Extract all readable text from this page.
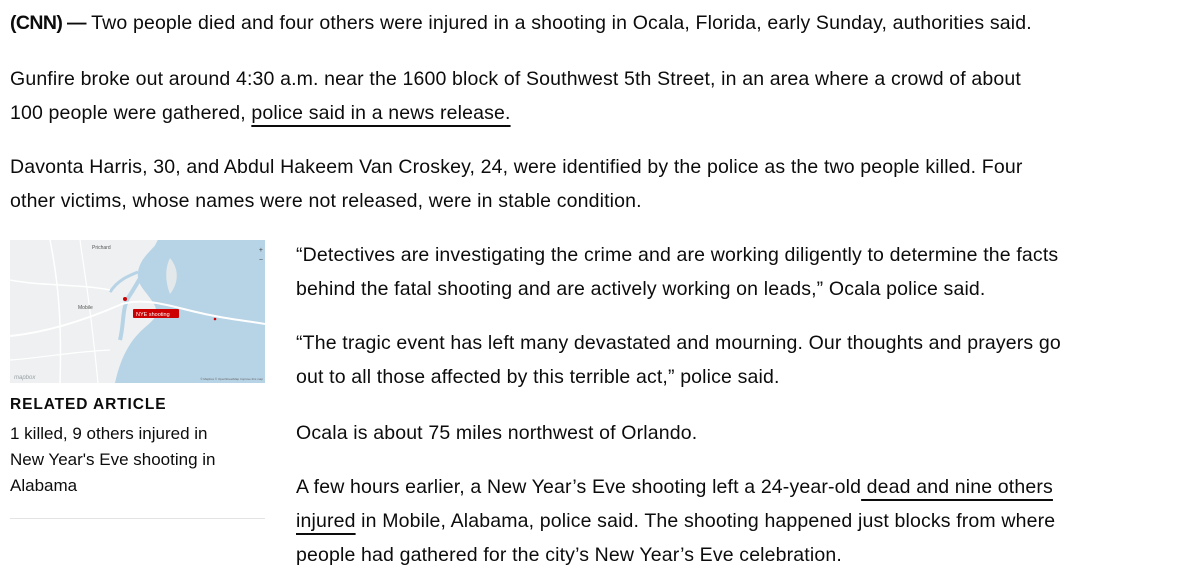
(CNN) — Two people died and four others were injured in a shooting in Ocala, Florida, early Sunday, authorities said.

Gunfire broke out around 4:30 a.m. near the 1600 block of Southwest 5th Street, in an area where a crowd of about
100 people were gathered, police said in a news release.

Davonta Harris, 30, and Abdul Hakeem Van Croskey, 24, were identified by the police as the two people killed. Four
other victims, whose names were not released, were in stable condition.

Prichard
Mobile
NYE shooting
+
−
mapbox	© Mapbox © OpenStreetMap Improve this map
RELATED ARTICLE
1 killed, 9 others injured in
New Year's Eve shooting in
Alabama

“Detectives are investigating the crime and are working diligently to determine the facts
behind the fatal shooting and are actively working on leads,” Ocala police said.

“The tragic event has left many devastated and mourning. Our thoughts and prayers go
out to all those affected by this terrible act,” police said.

Ocala is about 75 miles northwest of Orlando.

A few hours earlier, a New Year’s Eve shooting left a 24-year-old dead and nine others
injured in Mobile, Alabama, police said. The shooting happened just blocks from where
people had gathered for the city’s New Year’s Eve celebration.
